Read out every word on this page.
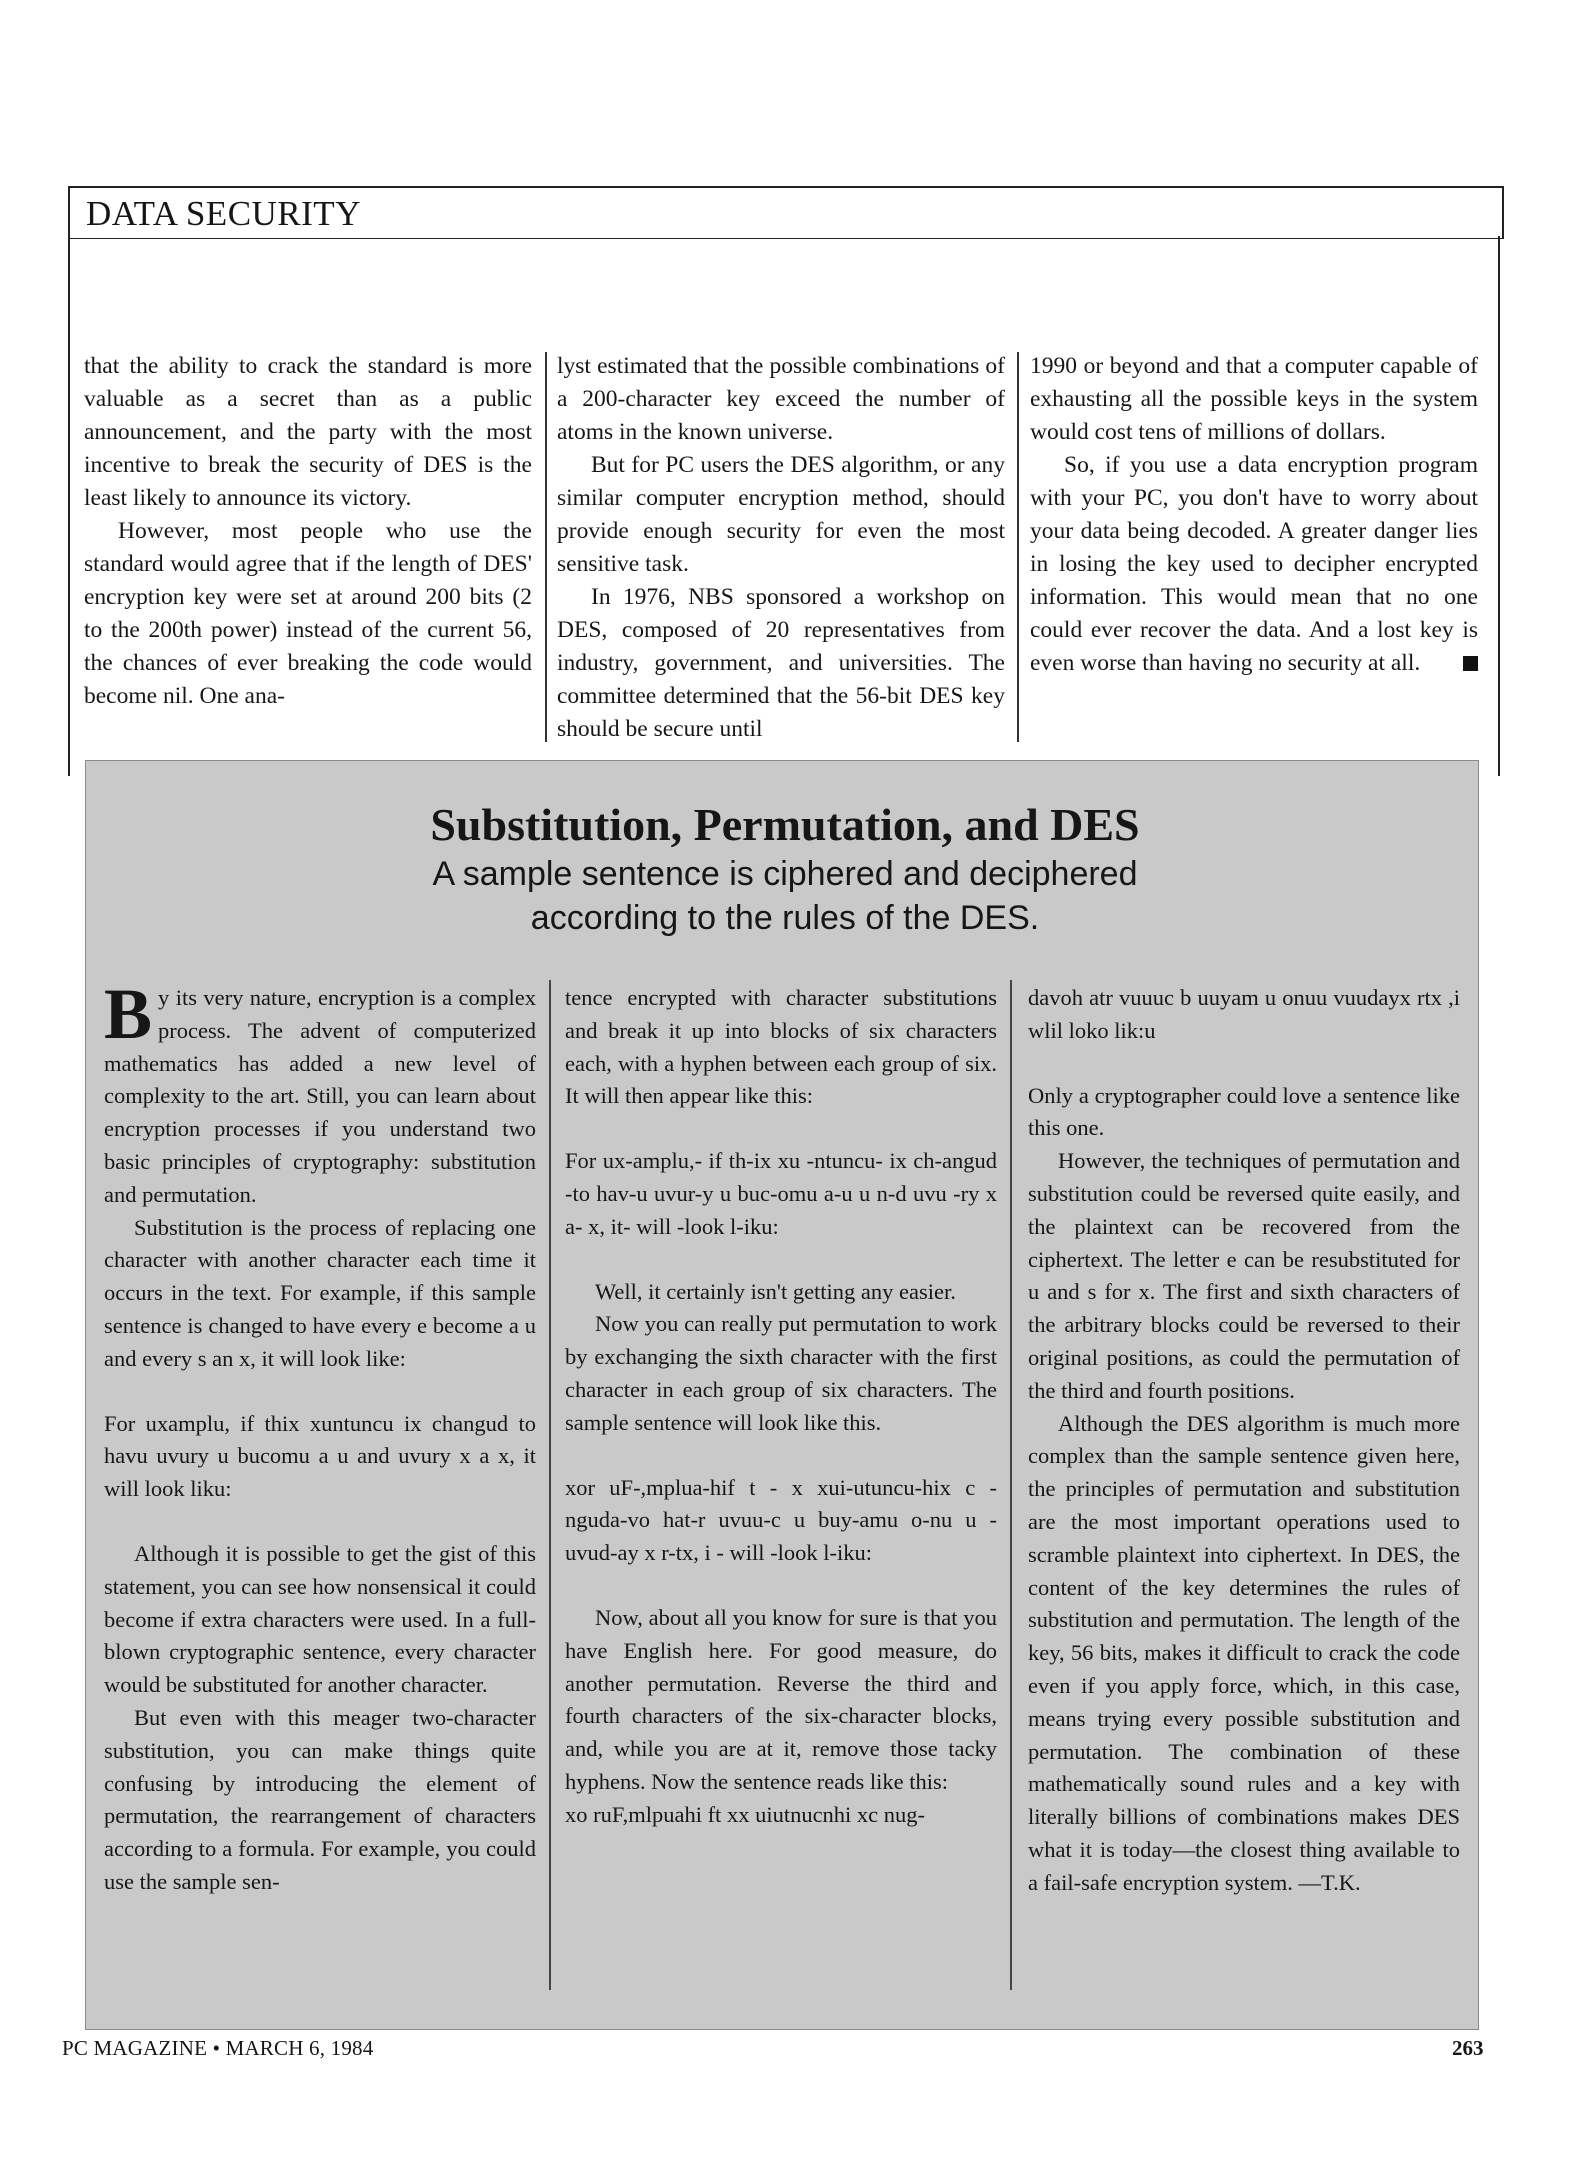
DATA SECURITY

that the ability to crack the standard is more valuable as a secret than as a public announcement, and the party with the most incentive to break the security of DES is the least likely to announce its victory.

However, most people who use the standard would agree that if the length of DES' encryption key were set at around 200 bits (2 to the 200th power) instead of the current 56, the chances of ever breaking the code would become nil. One ana-

lyst estimated that the possible combinations of a 200-character key exceed the number of atoms in the known universe.

But for PC users the DES algorithm, or any similar computer encryption method, should provide enough security for even the most sensitive task.

In 1976, NBS sponsored a workshop on DES, composed of 20 representatives from industry, government, and universities. The committee determined that the 56-bit DES key should be secure until

1990 or beyond and that a computer capable of exhausting all the possible keys in the system would cost tens of millions of dollars.

So, if you use a data encryption program with your PC, you don't have to worry about your data being decoded. A greater danger lies in losing the key used to decipher encrypted information. This would mean that no one could ever recover the data. And a lost key is even worse than having no security at all.

Substitution, Permutation, and DES
A sample sentence is ciphered and deciphered
according to the rules of the DES.

By its very nature, encryption is a complex process. The advent of computerized mathematics has added a new level of complexity to the art. Still, you can learn about encryption processes if you understand two basic principles of cryptography: substitution and permutation.

Substitution is the process of replacing one character with another character each time it occurs in the text. For example, if this sample sentence is changed to have every e become a u and every s an x, it will look like:

For uxamplu, if thix xuntuncu ix changud to havu uvury u bucomu a u and uvury x a x, it will look liku:

Although it is possible to get the gist of this statement, you can see how nonsensical it could become if extra characters were used. In a full-blown cryptographic sentence, every character would be substituted for another character.

But even with this meager two-character substitution, you can make things quite confusing by introducing the element of permutation, the rearrangement of characters according to a formula. For example, you could use the sample sen-

tence encrypted with character substitutions and break it up into blocks of six characters each, with a hyphen between each group of six. It will then appear like this:

For ux-amplu,- if th-ix xu -ntuncu- ix ch-angud -to hav-u uvur-y u buc-omu a-u u n-d uvu -ry x a- x, it- will -look l-iku:

Well, it certainly isn't getting any easier.

Now you can really put permutation to work by exchanging the sixth character with the first character in each group of six characters. The sample sentence will look like this.

xor uF-,mplua-hif t - x xui-utuncu-hix c - nguda-vo hat-r uvuu-c u buy-amu o-nu u - uvud-ay x r-tx, i - will -look l-iku:

Now, about all you know for sure is that you have English here. For good measure, do another permutation. Reverse the third and fourth characters of the six-character blocks, and, while you are at it, remove those tacky hyphens. Now the sentence reads like this:

xo ruF,mlpuahi ft xx uiutnucnhi xc nug-

davoh atr vuuuc b uuyam u onuu vuudayx rtx ,i wlil loko lik:u

Only a cryptographer could love a sentence like this one.

However, the techniques of permutation and substitution could be reversed quite easily, and the plaintext can be recovered from the ciphertext. The letter e can be resubstituted for u and s for x. The first and sixth characters of the arbitrary blocks could be reversed to their original positions, as could the permutation of the third and fourth positions.

Although the DES algorithm is much more complex than the sample sentence given here, the principles of permutation and substitution are the most important operations used to scramble plaintext into ciphertext. In DES, the content of the key determines the rules of substitution and permutation. The length of the key, 56 bits, makes it difficult to crack the code even if you apply force, which, in this case, means trying every possible substitution and permutation. The combination of these mathematically sound rules and a key with literally billions of combinations makes DES what it is today—the closest thing available to a fail-safe encryption system. —T.K.

PC MAGAZINE • MARCH 6, 1984	263
